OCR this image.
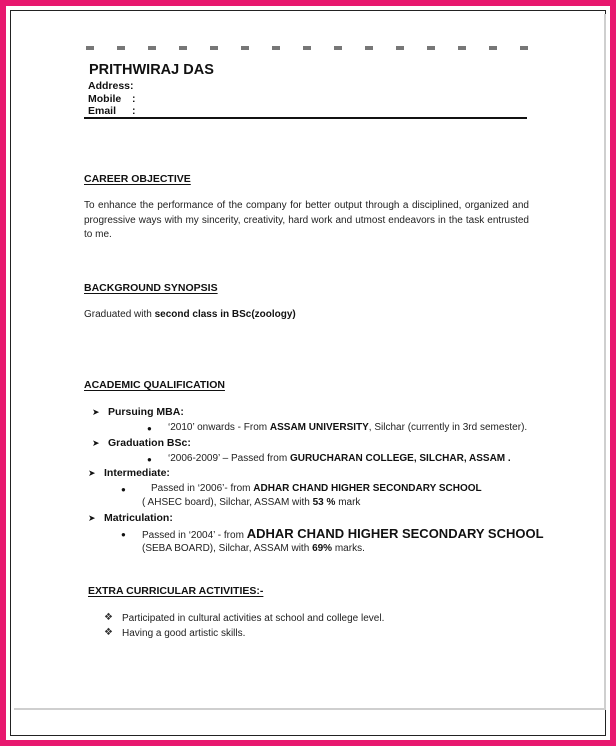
PRITHWIRAJ DAS
Address:
Mobile :
Email :
CAREER OBJECTIVE
To enhance the performance of the company for better output through a disciplined, organized and progressive ways with my sincerity, creativity, hard work and utmost endeavors in the task entrusted to me.
BACKGROUND SYNOPSIS
Graduated with second class in BSc(zoology)
ACADEMIC QUALIFICATION
➤ Pursuing MBA:
● ‘2010’ onwards - From ASSAM UNIVERSITY, Silchar (currently in 3rd semester).
➤ Graduation BSc:
● ‘2006-2009’ – Passed from GURUCHARAN COLLEGE, SILCHAR, ASSAM .
➤ Intermediate:
●	Passed in ‘2006’- from ADHAR CHAND HIGHER SECONDARY SCHOOL
( AHSEC board), Silchar, ASSAM with 53 % mark
➤ Matriculation:
● Passed in ‘2004’ - from ADHAR CHAND HIGHER SECONDARY SCHOOL
(SEBA BOARD), Silchar, ASSAM with 69% marks.
EXTRA CURRICULAR ACTIVITIES:-
❖ Participated in cultural activities at school and college level.
❖ Having a good artistic skills.
